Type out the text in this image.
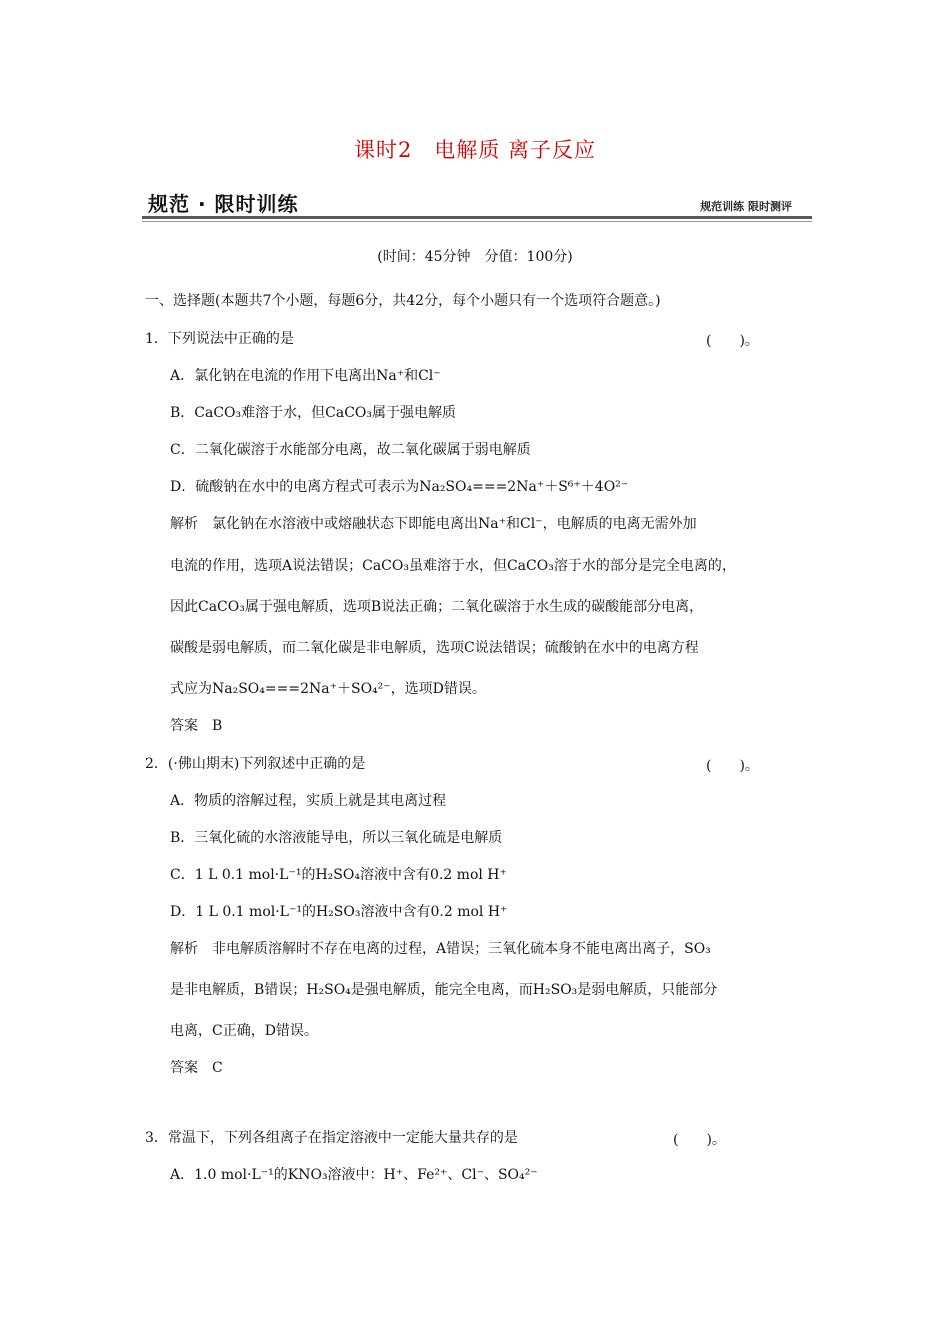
课时2　电解质 离子反应
规范 · 限时训练	规范训练 限时测评
(时间：45分钟　分值：100分)
一、选择题(本题共7个小题，每题6分，共42分，每个小题只有一个选项符合题意。)
1．下列说法中正确的是	(　　)。
A．氯化钠在电流的作用下电离出Na⁺和Cl⁻
B．CaCO₃难溶于水，但CaCO₃属于强电解质
C．二氧化碳溶于水能部分电离，故二氧化碳属于弱电解质
D．硫酸钠在水中的电离方程式可表示为Na₂SO₄===2Na⁺＋S⁶⁺＋4O²⁻
解析　氯化钠在水溶液中或熔融状态下即能电离出Na⁺和Cl⁻，电解质的电离无需外加
电流的作用，选项A说法错误；CaCO₃虽难溶于水，但CaCO₃溶于水的部分是完全电离的，
因此CaCO₃属于强电解质，选项B说法正确；二氧化碳溶于水生成的碳酸能部分电离，
碳酸是弱电解质，而二氧化碳是非电解质，选项C说法错误；硫酸钠在水中的电离方程
式应为Na₂SO₄===2Na⁺＋SO₄²⁻，选项D错误。
答案　B
2．(·佛山期末)下列叙述中正确的是	(　　)。
A．物质的溶解过程，实质上就是其电离过程
B．三氧化硫的水溶液能导电，所以三氧化硫是电解质
C．1 L 0.1 mol·L⁻¹的H₂SO₄溶液中含有0.2 mol H⁺
D．1 L 0.1 mol·L⁻¹的H₂SO₃溶液中含有0.2 mol H⁺
解析　非电解质溶解时不存在电离的过程，A错误；三氧化硫本身不能电离出离子，SO₃
是非电解质，B错误；H₂SO₄是强电解质，能完全电离，而H₂SO₃是弱电解质，只能部分
电离，C正确，D错误。
答案　C
3．常温下，下列各组离子在指定溶液中一定能大量共存的是	(　　)。
A．1.0 mol·L⁻¹的KNO₃溶液中：H⁺、Fe²⁺、Cl⁻、SO₄²⁻
